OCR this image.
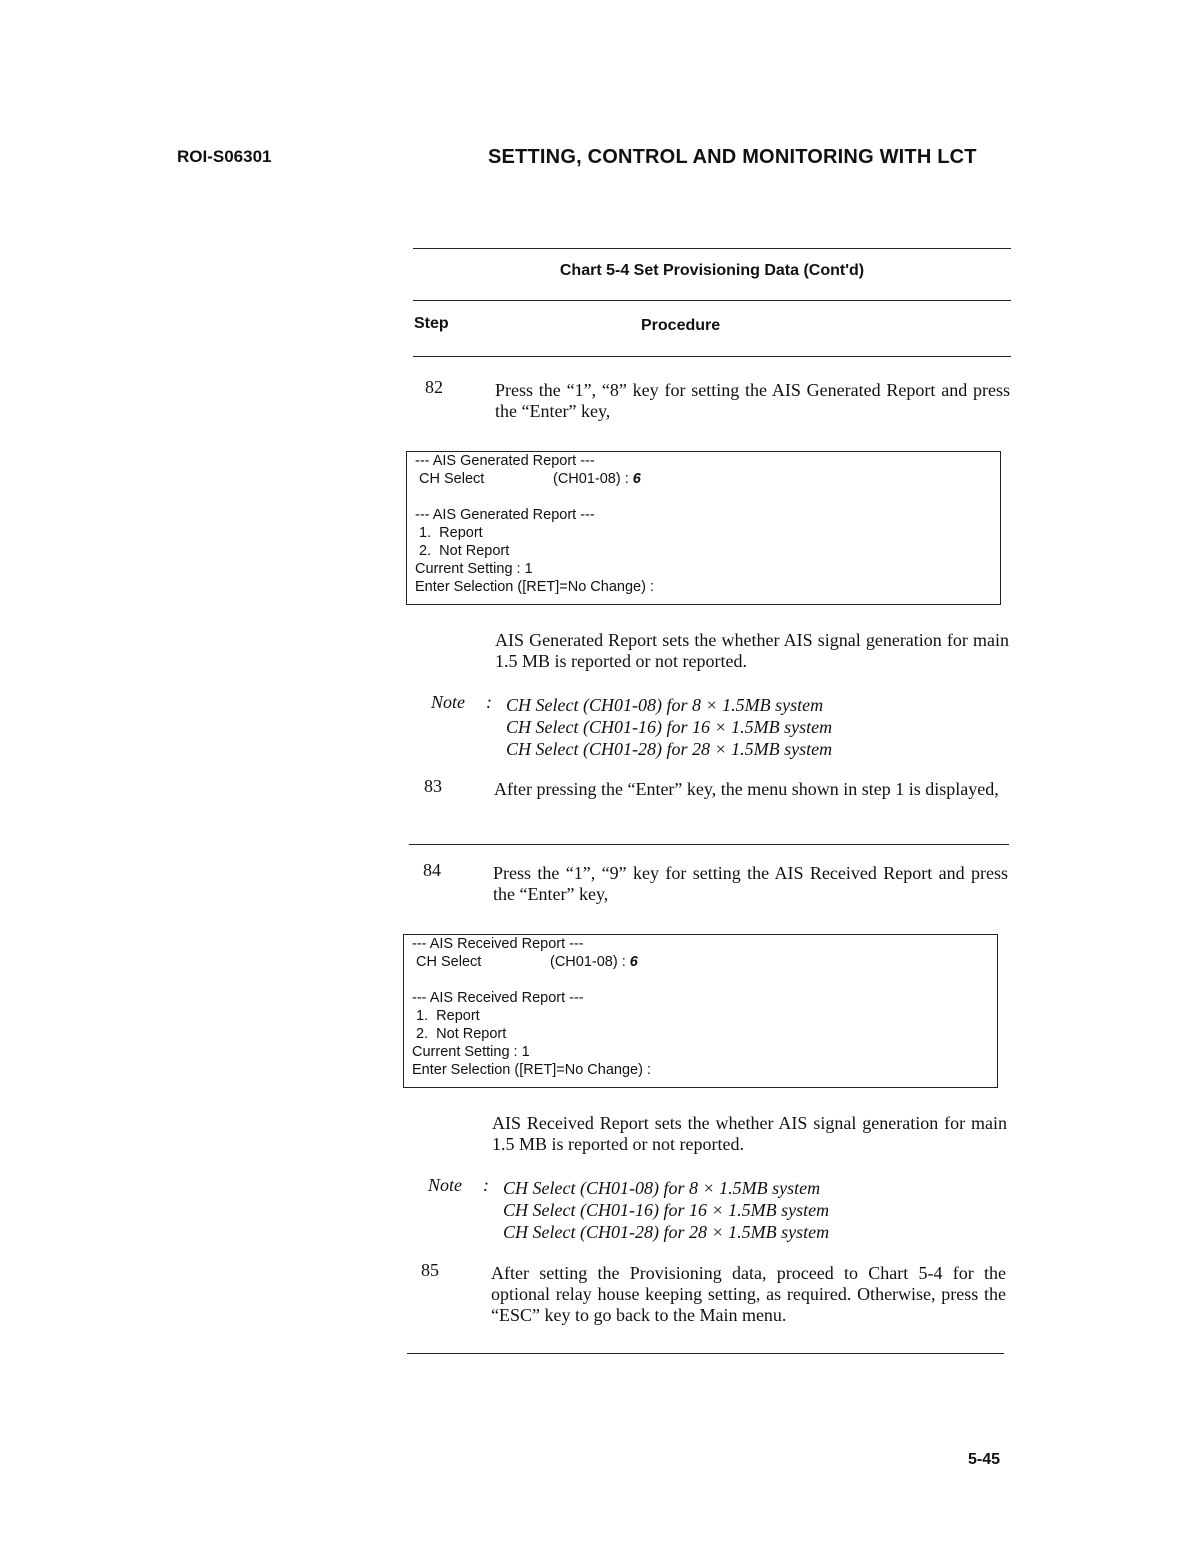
ROI-S06301	SETTING, CONTROL AND MONITORING WITH LCT
Chart 5-4 Set Provisioning Data (Cont'd)
Step	Procedure
82	Press the “1”, “8” key for setting the AIS Generated Report and press the “Enter” key,
--- AIS Generated Report ---
CH Select	(CH01-08) : 6
--- AIS Generated Report ---
1.  Report
2.  Not Report
Current Setting : 1
Enter Selection ([RET]=No Change) :
AIS Generated Report sets the whether AIS signal generation for main 1.5 MB is reported or not reported.
Note : CH Select (CH01-08) for 8 × 1.5MB system
CH Select (CH01-16) for 16 × 1.5MB system
CH Select (CH01-28) for 28 × 1.5MB system
83	After pressing the “Enter” key, the menu shown in step 1 is displayed,
84	Press the “1”, “9” key for setting the AIS Received Report and press the “Enter” key,
--- AIS Received Report ---
CH Select	(CH01-08) : 6
--- AIS Received Report ---
1.  Report
2.  Not Report
Current Setting : 1
Enter Selection ([RET]=No Change) :
AIS Received Report sets the whether AIS signal generation for main 1.5 MB is reported or not reported.
Note : CH Select (CH01-08) for 8 × 1.5MB system
CH Select (CH01-16) for 16 × 1.5MB system
CH Select (CH01-28) for 28 × 1.5MB system
85	After setting the Provisioning data, proceed to Chart 5-4 for the optional relay house keeping setting, as required. Otherwise, press the “ESC” key to go back to the Main menu.
5-45
